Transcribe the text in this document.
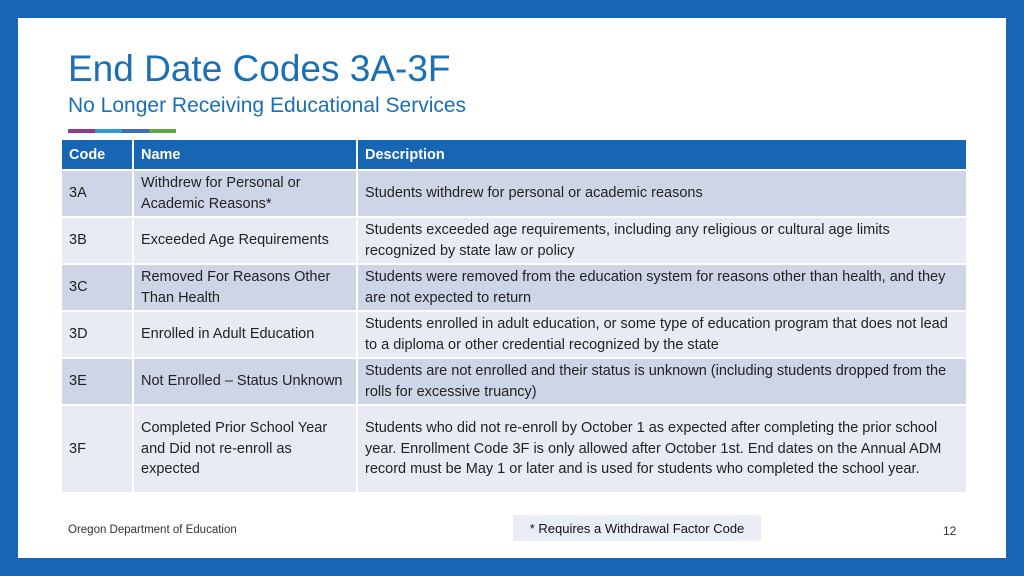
End Date Codes 3A-3F
No Longer Receiving Educational Services
Code	Name	Description
3A	Withdrew for Personal or Academic Reasons*	Students withdrew for personal or academic reasons
3B	Exceeded Age Requirements	Students exceeded age requirements, including any religious or cultural age limits recognized by state law or policy
3C	Removed For Reasons Other Than Health	Students were removed from the education system for reasons other than health, and they are not expected to return
3D	Enrolled in Adult Education	Students enrolled in adult education, or some type of education program that does not lead to a diploma or other credential recognized by the state
3E	Not Enrolled – Status Unknown	Students are not enrolled and their status is unknown (including students dropped from the rolls for excessive truancy)
3F	Completed Prior School Year and Did not re-enroll as expected	Students who did not re-enroll by October 1 as expected after completing the prior school year. Enrollment Code 3F is only allowed after October 1st. End dates on the Annual ADM record must be May 1 or later and is used for students who completed the school year.
Oregon Department of Education	* Requires a Withdrawal Factor Code	12
